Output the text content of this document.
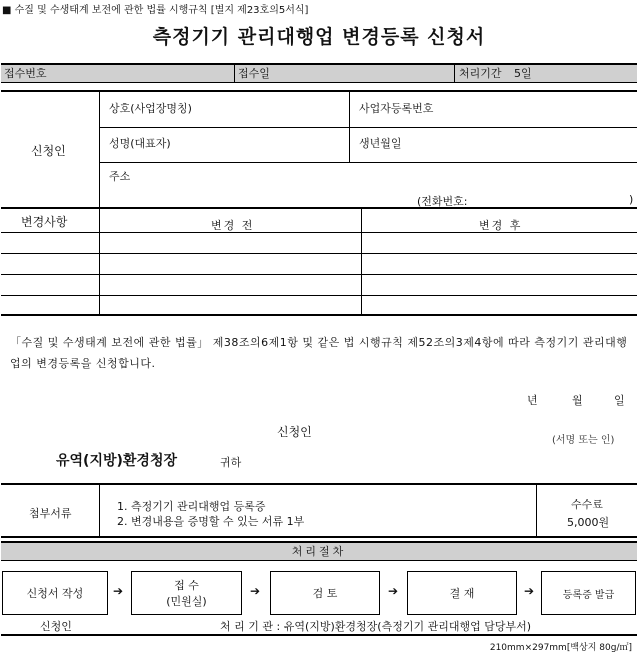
■ 수질 및 수생태계 보전에 관한 법률 시행규칙 [별지 제23호의5서식]
측정기기 관리대행업 변경등록 신청서
접수번호	접수일	처리기간 5일
신청인
상호(사업장명칭)	사업자등록번호
성명(대표자)	생년월일
주소
(전화번호:	)
변경사항	변경 전	변경 후
「수질 및 수생태계 보전에 관한 법률」 제38조의6제1항 및 같은 법 시행규칙 제52조의3제4항에 따라 측정기기 관리대행업의 변경등록을 신청합니다.
년	월	일
신청인
(서명 또는 인)
유역(지방)환경청장	귀하
첨부서류
1. 측정기기 관리대행업 등록증
2. 변경내용을 증명할 수 있는 서류 1부
수수료
5,000원
처리절차
신청서 작성	➔	접 수
(민원실)
➔	검 토	➔	결 재	➔	등록증 발급
신청인	처 리 기 관 : 유역(지방)환경청장(측정기기 관리대행업 담당부서)
210mm×297mm[백상지 80g/㎡]
